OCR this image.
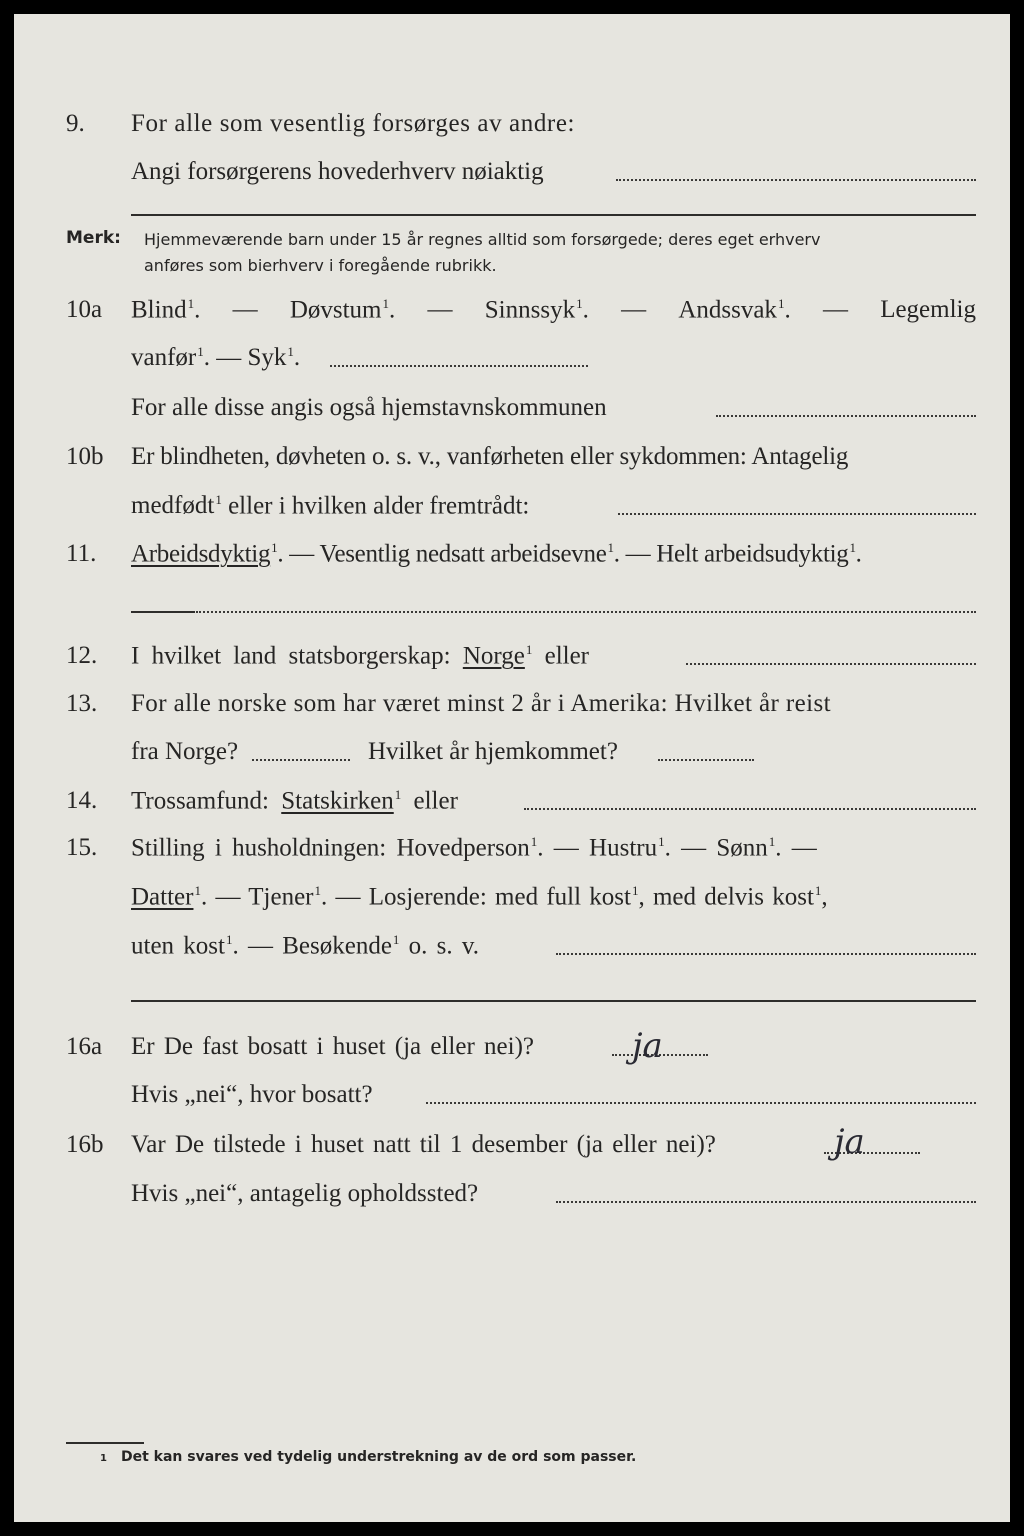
9. For alle som vesentlig forsørges av andre:
Angi forsørgerens hovederhverv nøiaktig
Merk: Hjemmeværende barn under 15 år regnes alltid som forsørgede; deres eget erhverv
anføres som bierhverv i foregående rubrikk.
10a Blind$^1$. — Døvstum$^1$. — Sinnssyk$^1$. — Andssvak$^1$. — Legemlig
vanfør$^1$. — Syk$^1$.
For alle disse angis også hjemstavnskommunen
10b Er blindheten, døvheten o. s. v., vanførheten eller sykdommen: Antagelig
medfødt$^1$ eller i hvilken alder fremtrådt:
11. Arbeidsdyktig$^1$. — Vesentlig nedsatt arbeidsevne$^1$. — Helt arbeidsudyktig$^1$.
12. I hvilket land statsborgerskap: Norge$^1$ eller
13. For alle norske som har været minst 2 år i Amerika: Hvilket år reist
fra Norge?	Hvilket år hjemkommet?
14. Trossamfund: Statskirken$^1$ eller
15. Stilling i husholdningen: Hovedperson$^1$. — Hustru$^1$. — Sønn$^1$. —
Datter$^1$. — Tjener$^1$. — Losjerende: med full kost$^1$, med delvis kost$^1$,
uten kost$^1$. — Besøkende$^1$ o. s. v.
16a Er De fast bosatt i huset (ja eller nei)?	ja
Hvis „nei“, hvor bosatt?
16b Var De tilstede i huset natt til 1 desember (ja eller nei)?	ja
Hvis „nei“, antagelig opholdssted?
1 Det kan svares ved tydelig understrekning av de ord som passer.
